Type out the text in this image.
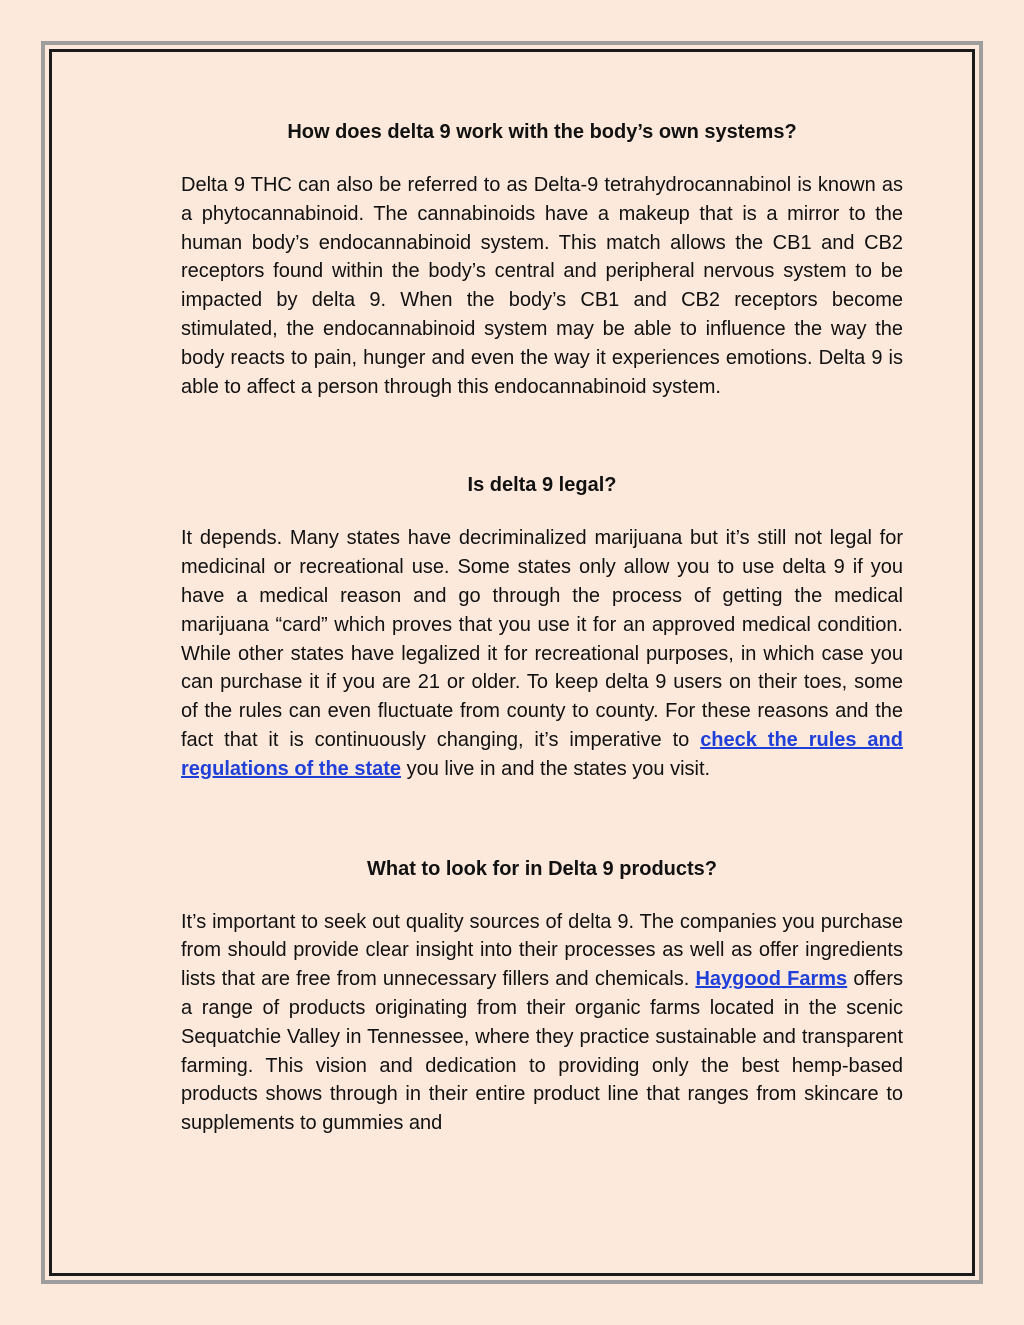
How does delta 9 work with the body’s own systems?

Delta 9 THC can also be referred to as Delta-9 tetrahydrocannabinol is known as a phytocannabinoid. The cannabinoids have a makeup that is a mirror to the human body’s endocannabinoid system. This match allows the CB1 and CB2 receptors found within the body’s central and peripheral nervous system to be impacted by delta 9. When the body’s CB1 and CB2 receptors become stimulated, the endocannabinoid system may be able to influence the way the body reacts to pain, hunger and even the way it experiences emotions. Delta 9 is able to affect a person through this endocannabinoid system.

Is delta 9 legal?

It depends. Many states have decriminalized marijuana but it’s still not legal for medicinal or recreational use. Some states only allow you to use delta 9 if you have a medical reason and go through the process of getting the medical marijuana “card” which proves that you use it for an approved medical condition. While other states have legalized it for recreational purposes, in which case you can purchase it if you are 21 or older. To keep delta 9 users on their toes, some of the rules can even fluctuate from county to county. For these reasons and the fact that it is continuously changing, it’s imperative to check the rules and regulations of the state you live in and the states you visit.

What to look for in Delta 9 products?

It’s important to seek out quality sources of delta 9. The companies you purchase from should provide clear insight into their processes as well as offer ingredients lists that are free from unnecessary fillers and chemicals. Haygood Farms offers a range of products originating from their organic farms located in the scenic Sequatchie Valley in Tennessee, where they practice sustainable and transparent farming. This vision and dedication to providing only the best hemp-based products shows through in their entire product line that ranges from skincare to supplements to gummies and
